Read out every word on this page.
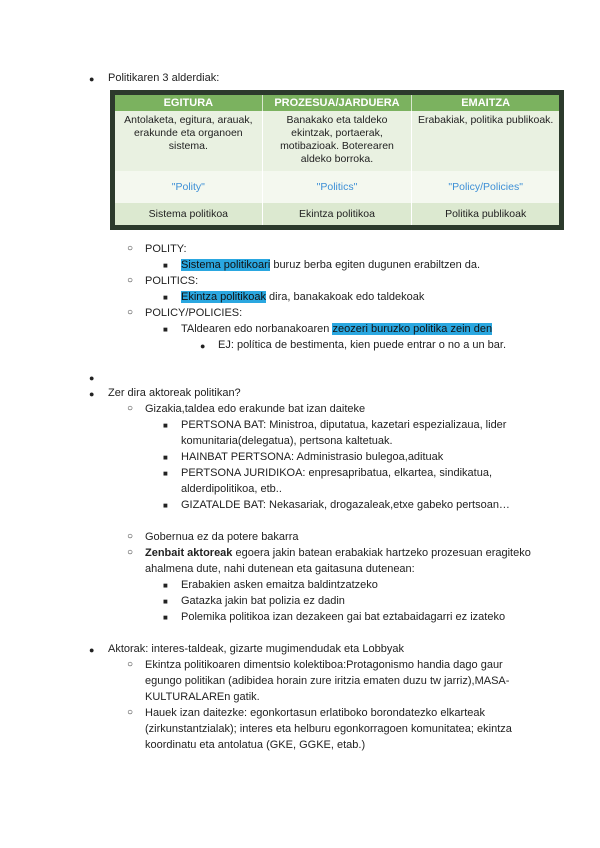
● Politikaren 3 alderdiak:
EGITURA	PROZESUA/JARDUERA	EMAITZA
Antolaketa, egitura, arauak, erakunde eta organoen sistema.	Banakako eta taldeko ekintzak, portaerak, motibazioak. Boterearen aldeko borroka.	Erabakiak, politika publikoak.
"Polity"	"Politics"	"Policy/Policies"
Sistema politikoa	Ekintza politikoa	Politika publikoak
○ POLITY:
■ Sistema politikoari buruz berba egiten dugunen erabiltzen da.
○ POLITICS:
■ Ekintza politikoak dira, banakakoak edo taldekoak
○ POLICY/POLICIES:
■ TAldearen edo norbanakoaren zeozeri buruzko politika zein den
● EJ: política de bestimenta, kien puede entrar o no a un bar.
●
● Zer dira aktoreak politikan?
○ Gizakia,taldea edo erakunde bat izan daiteke
■ PERTSONA BAT: Ministroa, diputatua, kazetari espezializaua, lider komunitaria(delegatua), pertsona kaltetuak.
■ HAINBAT PERTSONA: Administrasio bulegoa,adituak
■ PERTSONA JURIDIKOA: enpresapribatua, elkartea, sindikatua, alderdipolitikoa, etb..
■ GIZATALDE BAT: Nekasariak, drogazaleak,etxe gabeko pertsoan…
○ Gobernua ez da potere bakarra
○ Zenbait aktoreak egoera jakin batean erabakiak hartzeko prozesuan eragiteko ahalmena dute, nahi dutenean eta gaitasuna dutenean:
■ Erabakien asken emaitza baldintzatzeko
■ Gatazka jakin bat polizia ez dadin
■ Polemika politikoa izan dezakeen gai bat eztabaidagarri ez izateko
● Aktorak: interes-taldeak, gizarte mugimendudak eta Lobbyak
○ Ekintza politikoaren dimentsio kolektiboa:Protagonismo handia dago gaur egungo politikan (adibidea horain zure iritzia ematen duzu tw jarriz),MASA-KULTURALAREn gatik.
○ Hauek izan daitezke: egonkortasun erlatiboko borondatezko elkarteak (zirkunstantzialak); interes eta helburu egonkorragoen komunitatea; ekintza koordinatu eta antolatua (GKE, GGKE, etab.)
